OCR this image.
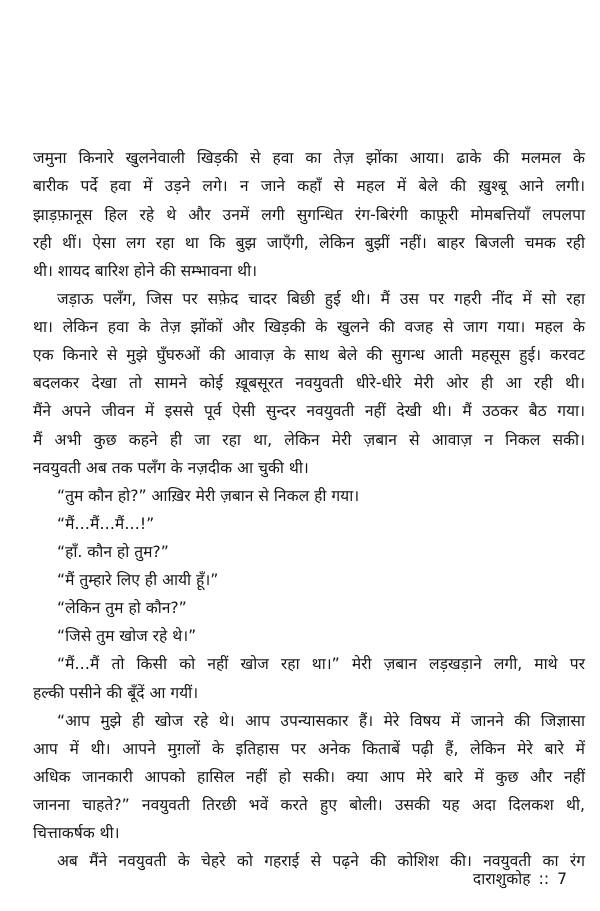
जमुना किनारे खुलनेवाली खिड़की से हवा का तेज़ झोंका आया। ढाके की मलमल के
बारीक पर्दे हवा में उड़ने लगे। न जाने कहाँ से महल में बेले की ख़ुश्बू आने लगी।
झाड़फ़ानूस हिल रहे थे और उनमें लगी सुगन्धित रंग-बिरंगी काफ़ूरी मोमबत्तियाँ लपलपा
रही थीं। ऐसा लग रहा था कि बुझ जाएँगी, लेकिन बुझीं नहीं। बाहर बिजली चमक रही
थी। शायद बारिश होने की सम्भावना थी।
जड़ाऊ पलँग, जिस पर सफ़ेद चादर बिछी हुई थी। मैं उस पर गहरी नींद में सो रहा
था। लेकिन हवा के तेज़ झोंकों और खिड़की के खुलने की वजह से जाग गया। महल के
एक किनारे से मुझे घुँघरुओं की आवाज़ के साथ बेले की सुगन्ध आती महसूस हुई। करवट
बदलकर देखा तो सामने कोई ख़ूबसूरत नवयुवती धीरे-धीरे मेरी ओर ही आ रही थी।
मैंने अपने जीवन में इससे पूर्व ऐसी सुन्दर नवयुवती नहीं देखी थी। मैं उठकर बैठ गया।
मैं अभी कुछ कहने ही जा रहा था, लेकिन मेरी ज़बान से आवाज़ न निकल सकी।
नवयुवती अब तक पलँग के नज़दीक आ चुकी थी।
“तुम कौन हो?” आख़िर मेरी ज़बान से निकल ही गया।
“मैं…मैं…मैं…!”
“हाँ. कौन हो तुम?”
“मैं तुम्हारे लिए ही आयी हूँ।”
“लेकिन तुम हो कौन?”
“जिसे तुम खोज रहे थे।”
“मैं…मैं तो किसी को नहीं खोज रहा था।” मेरी ज़बान लड़खड़ाने लगी, माथे पर
हल्की पसीने की बूँदें आ गयीं।
“आप मुझे ही खोज रहे थे। आप उपन्यासकार हैं। मेरे विषय में जानने की जिज्ञासा
आप में थी। आपने मुग़लों के इतिहास पर अनेक किताबें पढ़ी हैं, लेकिन मेरे बारे में
अधिक जानकारी आपको हासिल नहीं हो सकी। क्या आप मेरे बारे में कुछ और नहीं
जानना चाहते?” नवयुवती तिरछी भवें करते हुए बोली। उसकी यह अदा दिलकश थी,
चित्ताकर्षक थी।
अब मैंने नवयुवती के चेहरे को गहराई से पढ़ने की कोशिश की। नवयुवती का रंग
दाराशुकोह :: 7
